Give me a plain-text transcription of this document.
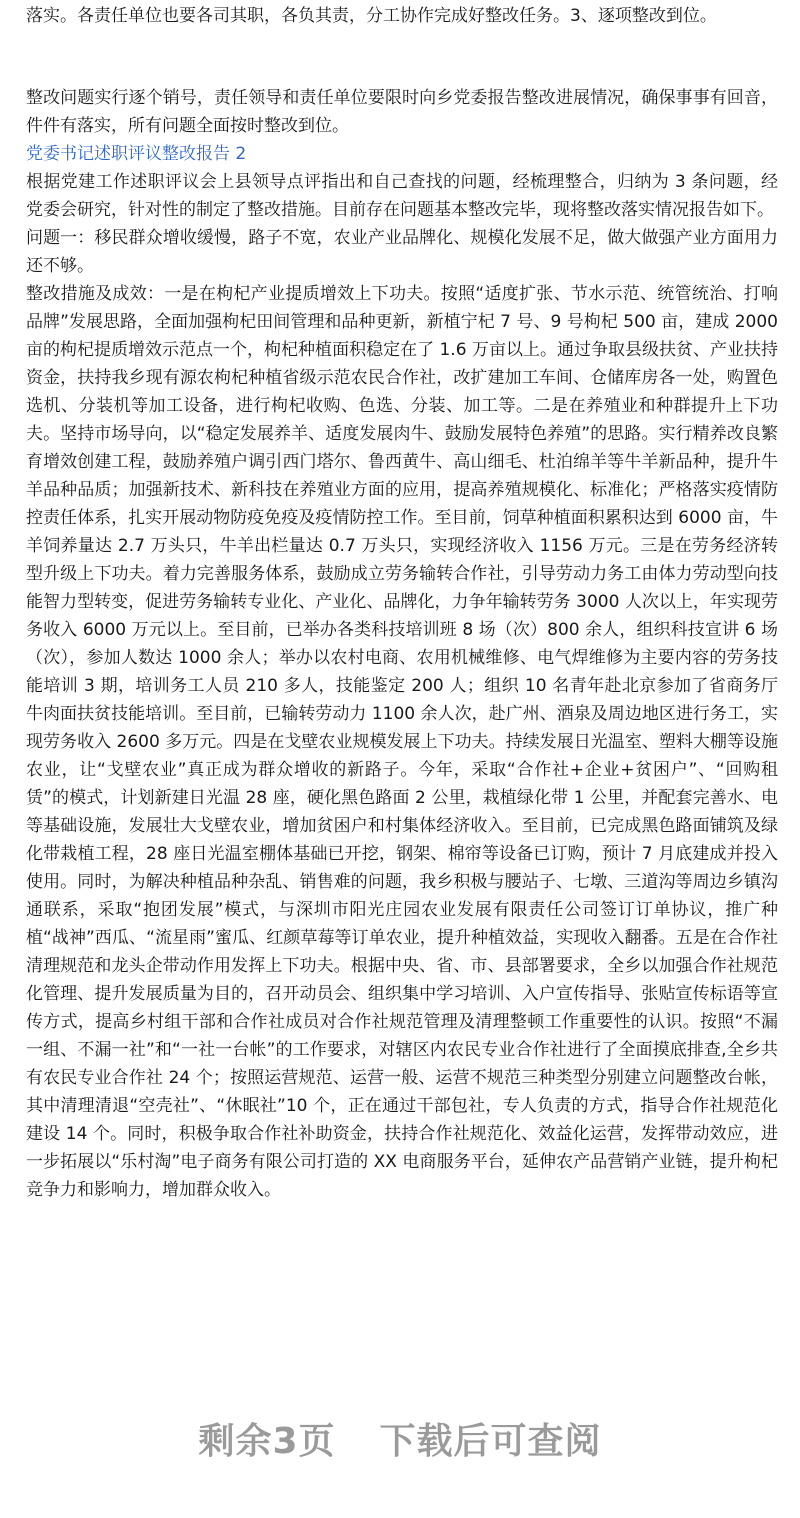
落实。各责任单位也要各司其职，各负其责，分工协作完成好整改任务。3、逐项整改到位。

整改问题实行逐个销号，责任领导和责任单位要限时向乡党委报告整改进展情况，确保事事有回音，件件有落实，所有问题全面按时整改到位。

党委书记述职评议整改报告 2

根据党建工作述职评议会上县领导点评指出和自己查找的问题，经梳理整合，归纳为 3 条问题，经党委会研究，针对性的制定了整改措施。目前存在问题基本整改完毕，现将整改落实情况报告如下。

问题一：移民群众增收缓慢，路子不宽，农业产业品牌化、规模化发展不足，做大做强产业方面用力还不够。

整改措施及成效：一是在枸杞产业提质增效上下功夫。按照“适度扩张、节水示范、统管统治、打响品牌”发展思路，全面加强枸杞田间管理和品种更新，新植宁杞 7 号、9 号枸杞 500 亩，建成 2000 亩的枸杞提质增效示范点一个，枸杞种植面积稳定在了 1.6 万亩以上。通过争取县级扶贫、产业扶持资金，扶持我乡现有源农枸杞种植省级示范农民合作社，改扩建加工车间、仓储库房各一处，购置色选机、分装机等加工设备，进行枸杞收购、色选、分装、加工等。二是在养殖业和种群提升上下功夫。坚持市场导向，以“稳定发展养羊、适度发展肉牛、鼓励发展特色养殖”的思路。实行精养改良繁育增效创建工程，鼓励养殖户调引西门塔尔、鲁西黄牛、高山细毛、杜泊绵羊等牛羊新品种，提升牛羊品种品质；加强新技术、新科技在养殖业方面的应用，提高养殖规模化、标准化；严格落实疫情防控责任体系，扎实开展动物防疫免疫及疫情防控工作。至目前，饲草种植面积累积达到 6000 亩，牛羊饲养量达 2.7 万头只，牛羊出栏量达 0.7 万头只，实现经济收入 1156 万元。三是在劳务经济转型升级上下功夫。着力完善服务体系，鼓励成立劳务输转合作社，引导劳动力务工由体力劳动型向技能智力型转变，促进劳务输转专业化、产业化、品牌化，力争年输转劳务 3000 人次以上，年实现劳务收入 6000 万元以上。至目前，已举办各类科技培训班 8 场（次）800 余人，组织科技宣讲 6 场（次），参加人数达 1000 余人；举办以农村电商、农用机械维修、电气焊维修为主要内容的劳务技能培训 3 期，培训务工人员 210 多人，技能鉴定 200 人；组织 10 名青年赴北京参加了省商务厅牛肉面扶贫技能培训。至目前，已输转劳动力 1100 余人次，赴广州、酒泉及周边地区进行务工，实现劳务收入 2600 多万元。四是在戈壁农业规模发展上下功夫。持续发展日光温室、塑料大棚等设施农业，让“戈壁农业”真正成为群众增收的新路子。今年，采取“合作社+企业+贫困户”、“回购租赁”的模式，计划新建日光温 28 座，硬化黑色路面 2 公里，栽植绿化带 1 公里，并配套完善水、电等基础设施，发展壮大戈壁农业，增加贫困户和村集体经济收入。至目前，已完成黑色路面铺筑及绿化带栽植工程，28 座日光温室棚体基础已开挖，钢架、棉帘等设备已订购，预计 7 月底建成并投入使用。同时，为解决种植品种杂乱、销售难的问题，我乡积极与腰站子、七墩、三道沟等周边乡镇沟通联系，采取“抱团发展”模式，与深圳市阳光庄园农业发展有限责任公司签订订单协议，推广种植“战神”西瓜、“流星雨”蜜瓜、红颜草莓等订单农业，提升种植效益，实现收入翻番。五是在合作社清理规范和龙头企带动作用发挥上下功夫。根据中央、省、市、县部署要求，全乡以加强合作社规范化管理、提升发展质量为目的，召开动员会、组织集中学习培训、入户宣传指导、张贴宣传标语等宣传方式，提高乡村组干部和合作社成员对合作社规范管理及清理整顿工作重要性的认识。按照“不漏一组、不漏一社”和“一社一台帐”的工作要求，对辖区内农民专业合作社进行了全面摸底排查,全乡共有农民专业合作社 24 个；按照运营规范、运营一般、运营不规范三种类型分别建立问题整改台帐，其中清理清退“空壳社”、“休眠社”10 个，正在通过干部包社，专人负责的方式，指导合作社规范化建设 14 个。同时，积极争取合作社补助资金，扶持合作社规范化、效益化运营，发挥带动效应，进一步拓展以“乐村淘”电子商务有限公司打造的 XX 电商服务平台，延伸农产品营销产业链，提升枸杞竞争力和影响力，增加群众收入。

剩余3页 下载后可查阅
